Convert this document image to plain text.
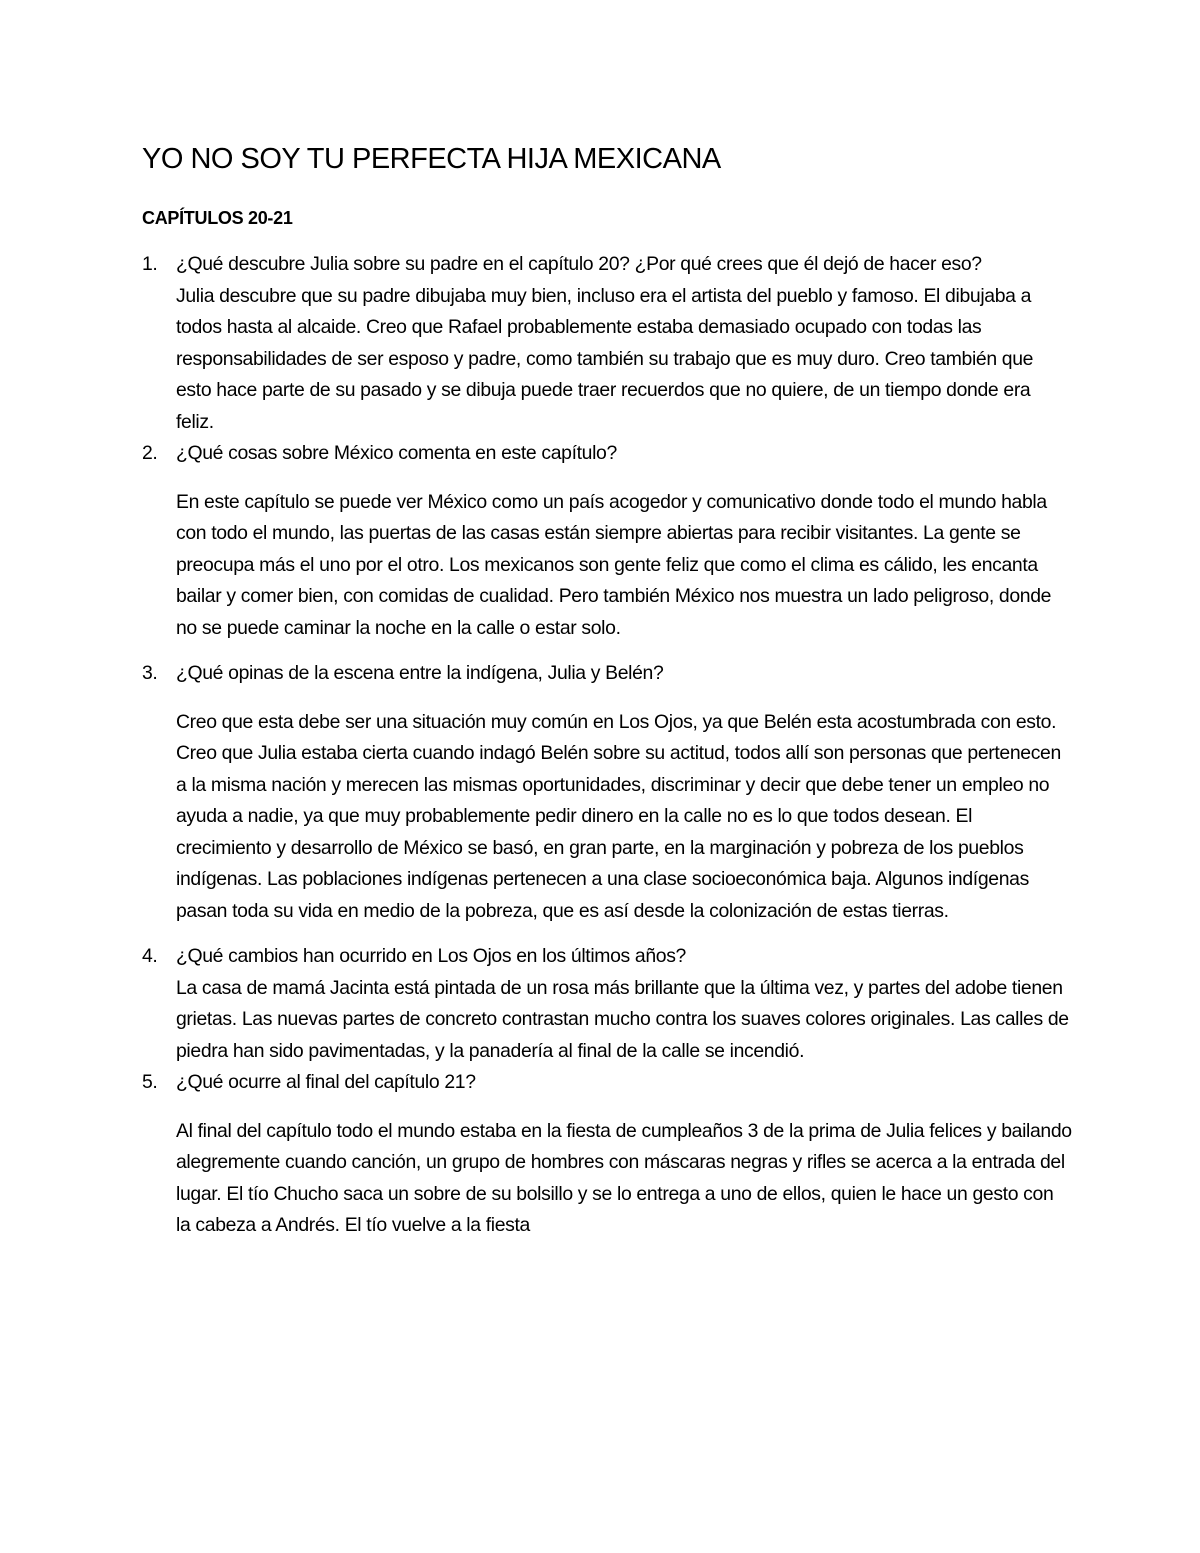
YO NO SOY TU PERFECTA HIJA MEXICANA
CAPÍTULOS 20-21
1. ¿Qué descubre Julia sobre su padre en el capítulo 20? ¿Por qué crees que él dejó de hacer eso?
Julia descubre que su padre dibujaba muy bien, incluso era el artista del pueblo y famoso. El dibujaba a todos hasta al alcaide. Creo que Rafael probablemente estaba demasiado ocupado con todas las responsabilidades de ser esposo y padre, como también su trabajo que es muy duro. Creo también que esto hace parte de su pasado y se dibuja puede traer recuerdos que no quiere, de un tiempo donde era feliz.
2. ¿Qué cosas sobre México comenta en este capítulo?
En este capítulo se puede ver México como un país acogedor y comunicativo donde todo el mundo habla con todo el mundo, las puertas de las casas están siempre abiertas para recibir visitantes. La gente se preocupa más el uno por el otro. Los mexicanos son gente feliz que como el clima es cálido, les encanta bailar y comer bien, con comidas de cualidad. Pero también México nos muestra un lado peligroso, donde no se puede caminar la noche en la calle o estar solo.
3. ¿Qué opinas de la escena entre la indígena, Julia y Belén?
Creo que esta debe ser una situación muy común en Los Ojos, ya que Belén esta acostumbrada con esto. Creo que Julia estaba cierta cuando indagó Belén sobre su actitud, todos allí son personas que pertenecen a la misma nación y merecen las mismas oportunidades, discriminar y decir que debe tener un empleo no ayuda a nadie, ya que muy probablemente pedir dinero en la calle no es lo que todos desean. El crecimiento y desarrollo de México se basó, en gran parte, en la marginación y pobreza de los pueblos indígenas. Las poblaciones indígenas pertenecen a una clase socioeconómica baja. Algunos indígenas pasan toda su vida en medio de la pobreza, que es así desde la colonización de estas tierras.
4. ¿Qué cambios han ocurrido en Los Ojos en los últimos años?
La casa de mamá Jacinta está pintada de un rosa más brillante que la última vez, y partes del adobe tienen grietas. Las nuevas partes de concreto contrastan mucho contra los suaves colores originales. Las calles de piedra han sido pavimentadas, y la panadería al final de la calle se incendió.
5. ¿Qué ocurre al final del capítulo 21?
Al final del capítulo todo el mundo estaba en la fiesta de cumpleaños 3 de la prima de Julia felices y bailando alegremente cuando canción, un grupo de hombres con máscaras negras y rifles se acerca a la entrada del lugar. El tío Chucho saca un sobre de su bolsillo y se lo entrega a uno de ellos, quien le hace un gesto con la cabeza a Andrés. El tío vuelve a la fiesta
